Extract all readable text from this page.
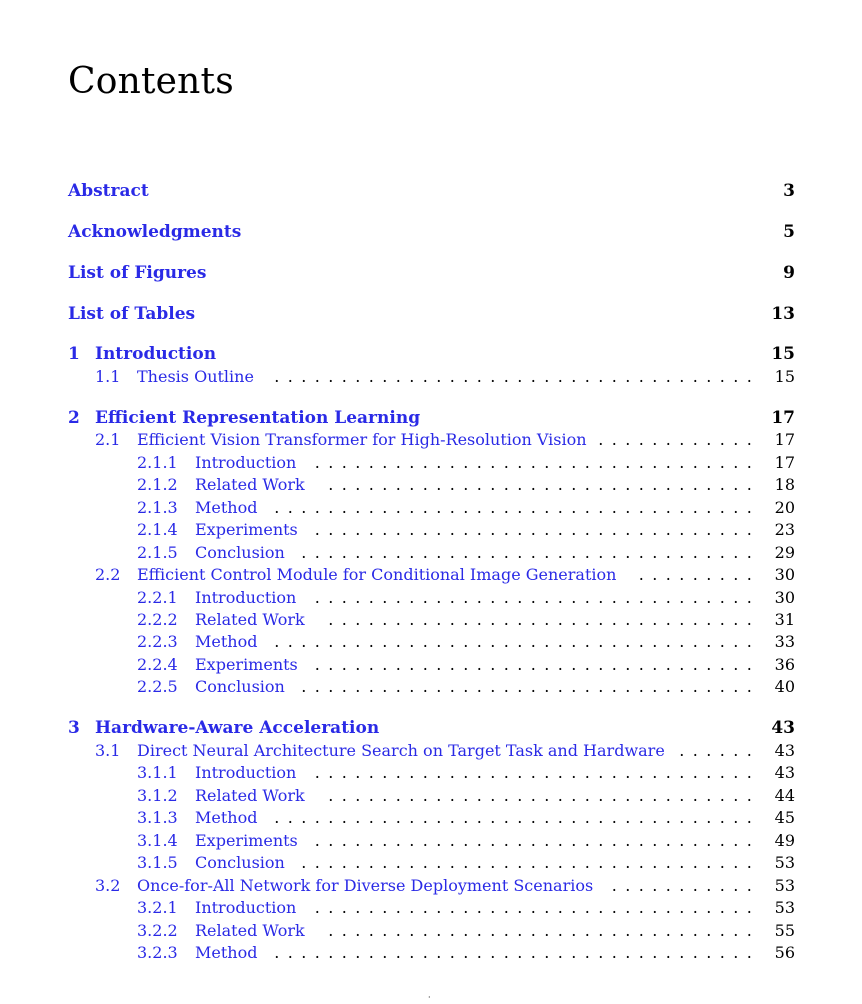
Contents
Abstract	3
Acknowledgments	5
List of Figures	9
List of Tables	13
1 Introduction	15
1.1 Thesis Outline	15
. . . . . . . . . . . . . . . . . . . . . . . . . . . . . . . . . . . .
2 Efficient Representation Learning	17
2.1 Efficient Vision Transformer for High-Resolution Vision	17
. . . . . . . . . . . .
2.1.1 Introduction	17
. . . . . . . . . . . . . . . . . . . . . . . . . . . . . . . . .
2.1.2 Related Work	18
. . . . . . . . . . . . . . . . . . . . . . . . . . . . . . . .
2.1.3 Method	20
. . . . . . . . . . . . . . . . . . . . . . . . . . . . . . . . . . . .
2.1.4 Experiments	23
. . . . . . . . . . . . . . . . . . . . . . . . . . . . . . . . .
2.1.5 Conclusion	29
. . . . . . . . . . . . . . . . . . . . . . . . . . . . . . . . . .
2.2 Efficient Control Module for Conditional Image Generation	30
. . . . . . . . .
2.2.1 Introduction	30
. . . . . . . . . . . . . . . . . . . . . . . . . . . . . . . . .
2.2.2 Related Work	31
. . . . . . . . . . . . . . . . . . . . . . . . . . . . . . . .
2.2.3 Method	33
. . . . . . . . . . . . . . . . . . . . . . . . . . . . . . . . . . . .
2.2.4 Experiments	36
. . . . . . . . . . . . . . . . . . . . . . . . . . . . . . . . .
2.2.5 Conclusion	40
. . . . . . . . . . . . . . . . . . . . . . . . . . . . . . . . . .
3 Hardware-Aware Acceleration	43
3.1 Direct Neural Architecture Search on Target Task and Hardware	43
. . . . . .
3.1.1 Introduction	43
. . . . . . . . . . . . . . . . . . . . . . . . . . . . . . . . .
3.1.2 Related Work	44
. . . . . . . . . . . . . . . . . . . . . . . . . . . . . . . .
3.1.3 Method	45
. . . . . . . . . . . . . . . . . . . . . . . . . . . . . . . . . . . .
3.1.4 Experiments	49
. . . . . . . . . . . . . . . . . . . . . . . . . . . . . . . . .
3.1.5 Conclusion	53
. . . . . . . . . . . . . . . . . . . . . . . . . . . . . . . . . .
3.2 Once-for-All Network for Diverse Deployment Scenarios	53
. . . . . . . . . . .
3.2.1 Introduction	53
. . . . . . . . . . . . . . . . . . . . . . . . . . . . . . . . .
3.2.2 Related Work	55
. . . . . . . . . . . . . . . . . . . . . . . . . . . . . . . .
3.2.3 Method	56
. . . . . . . . . . . . . . . . . . . . . . . . . . . . . . . . . . . .
·
